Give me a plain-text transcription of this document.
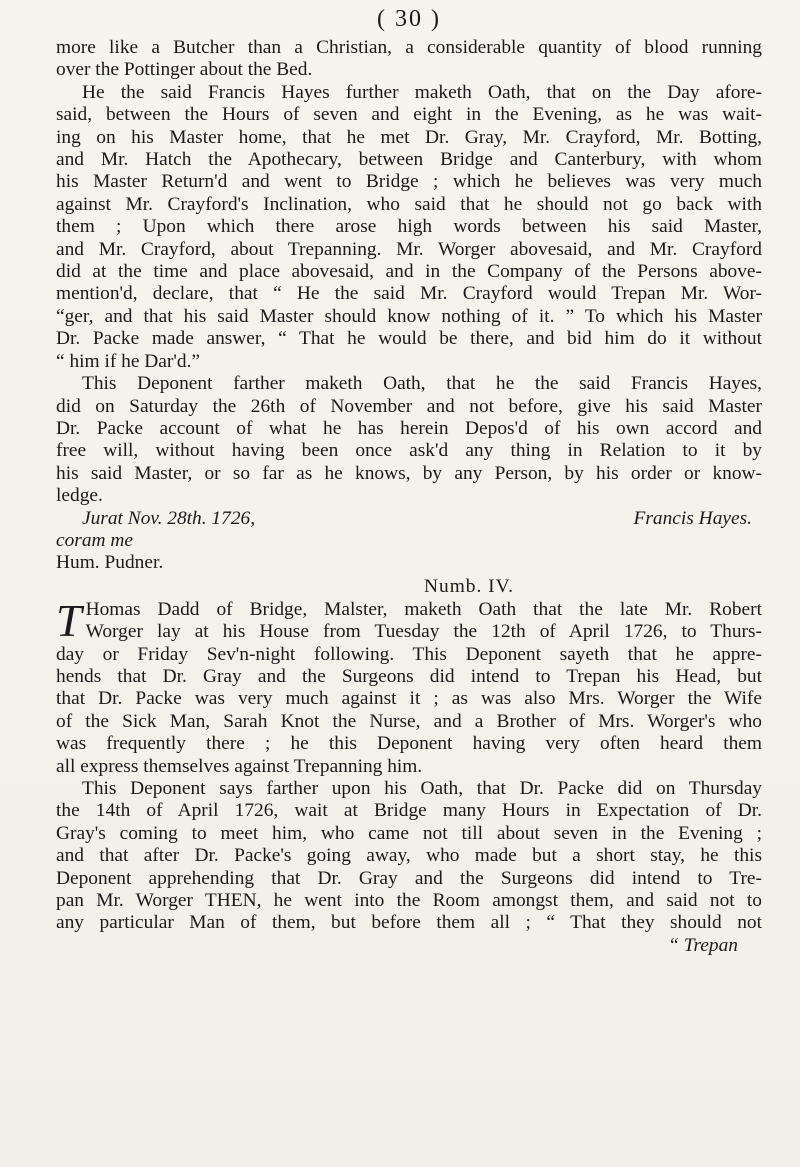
( 30 )
more like a Butcher than a Christian, a considerable quantity of blood running
over the Pottinger about the Bed.
He the said Francis Hayes further maketh Oath, that on the Day afore-
said, between the Hours of seven and eight in the Evening, as he was wait-
ing on his Master home, that he met Dr. Gray, Mr. Crayford, Mr. Botting,
and Mr. Hatch the Apothecary, between Bridge and Canterbury, with whom
his Master Return'd and went to Bridge ; which he believes was very much
against Mr. Crayford's Inclination, who said that he should not go back with
them ; Upon which there arose high words between his said Master,
and Mr. Crayford, about Trepanning. Mr. Worger abovesaid, and Mr. Crayford
did at the time and place abovesaid, and in the Company of the Persons above-
mention'd, declare, that “ He the said Mr. Crayford would Trepan Mr. Wor-
“ger, and that his said Master should know nothing of it. ” To which his Master
Dr. Packe made answer, “ That he would be there, and bid him do it without
“ him if he Dar'd.”
This Deponent farther maketh Oath, that he the said Francis Hayes,
did on Saturday the 26th of November and not before, give his said Master
Dr. Packe account of what he has herein Depos'd of his own accord and
free will, without having been once ask'd any thing in Relation to it by
his said Master, or so far as he knows, by any Person, by his order or know-
ledge.
Jurat Nov. 28th. 1726,	Francis Hayes.
coram me
Hum. Pudner.
Numb. IV.
T Homas Dadd of Bridge, Malster, maketh Oath that the late Mr. Robert
Worger lay at his House from Tuesday the 12th of April 1726, to Thurs-
day or Friday Sev'n-night following. This Deponent sayeth that he appre-
hends that Dr. Gray and the Surgeons did intend to Trepan his Head, but
that Dr. Packe was very much against it ; as was also Mrs. Worger the Wife
of the Sick Man, Sarah Knot the Nurse, and a Brother of Mrs. Worger's who
was frequently there ; he this Deponent having very often heard them
all express themselves against Trepanning him.
This Deponent says farther upon his Oath, that Dr. Packe did on Thursday
the 14th of April 1726, wait at Bridge many Hours in Expectation of Dr.
Gray's coming to meet him, who came not till about seven in the Evening ;
and that after Dr. Packe's going away, who made but a short stay, he this
Deponent apprehending that Dr. Gray and the Surgeons did intend to Tre-
pan Mr. Worger THEN, he went into the Room amongst them, and said not to
any particular Man of them, but before them all ; “ That they should not
“ Trepan
